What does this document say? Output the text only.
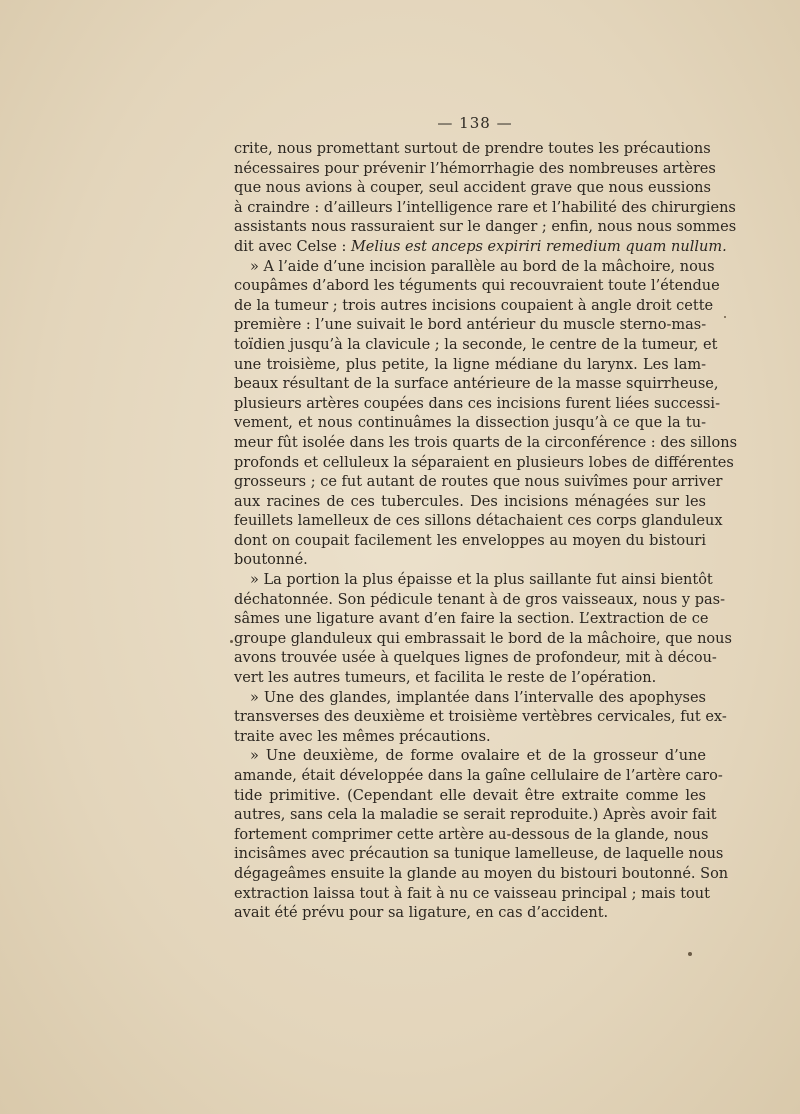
— 138 —
crite, nous promettant surtout de prendre toutes les précautions
nécessaires pour prévenir l’hémorrhagie des nombreuses artères
que nous avions à couper, seul accident grave que nous eussions
à craindre : d’ailleurs l’intelligence rare et l’habilité des chirurgiens
assistants nous rassuraient sur le danger ; enfin, nous nous sommes
dit avec Celse : Melius est anceps expiriri remedium quam nullum.
» A l’aide d’une incision parallèle au bord de la mâchoire, nous
coupâmes d’abord les téguments qui recouvraient toute l’étendue
de la tumeur ; trois autres incisions coupaient à angle droit cette
première : l’une suivait le bord antérieur du muscle sterno-mas-
toïdien jusqu’à la clavicule ; la seconde, le centre de la tumeur, et
une troisième, plus petite, la ligne médiane du larynx. Les lam-
beaux résultant de la surface antérieure de la masse squirrheuse,
plusieurs artères coupées dans ces incisions furent liées successi-
vement, et nous continuâmes la dissection jusqu’à ce que la tu-
meur fût isolée dans les trois quarts de la circonférence : des sillons
profonds et celluleux la séparaient en plusieurs lobes de différentes
grosseurs ; ce fut autant de routes que nous suivîmes pour arriver
aux racines de ces tubercules. Des incisions ménagées sur les
feuillets lamelleux de ces sillons détachaient ces corps glanduleux
dont on coupait facilement les enveloppes au moyen du bistouri
boutonné.
» La portion la plus épaisse et la plus saillante fut ainsi bientôt
déchatonnée. Son pédicule tenant à de gros vaisseaux, nous y pas-
sâmes une ligature avant d’en faire la section. L’extraction de ce
groupe glanduleux qui embrassait le bord de la mâchoire, que nous
avons trouvée usée à quelques lignes de profondeur, mit à décou-
vert les autres tumeurs, et facilita le reste de l’opération.
» Une des glandes, implantée dans l’intervalle des apophyses
transverses des deuxième et troisième vertèbres cervicales, fut ex-
traite avec les mêmes précautions.
» Une deuxième, de forme ovalaire et de la grosseur d’une
amande, était développée dans la gaîne cellulaire de l’artère caro-
tide primitive. (Cependant elle devait être extraite comme les
autres, sans cela la maladie se serait reproduite.) Après avoir fait
fortement comprimer cette artère au-dessous de la glande, nous
incisâmes avec précaution sa tunique lamelleuse, de laquelle nous
dégageâmes ensuite la glande au moyen du bistouri boutonné. Son
extraction laissa tout à fait à nu ce vaisseau principal ; mais tout
avait été prévu pour sa ligature, en cas d’accident.
